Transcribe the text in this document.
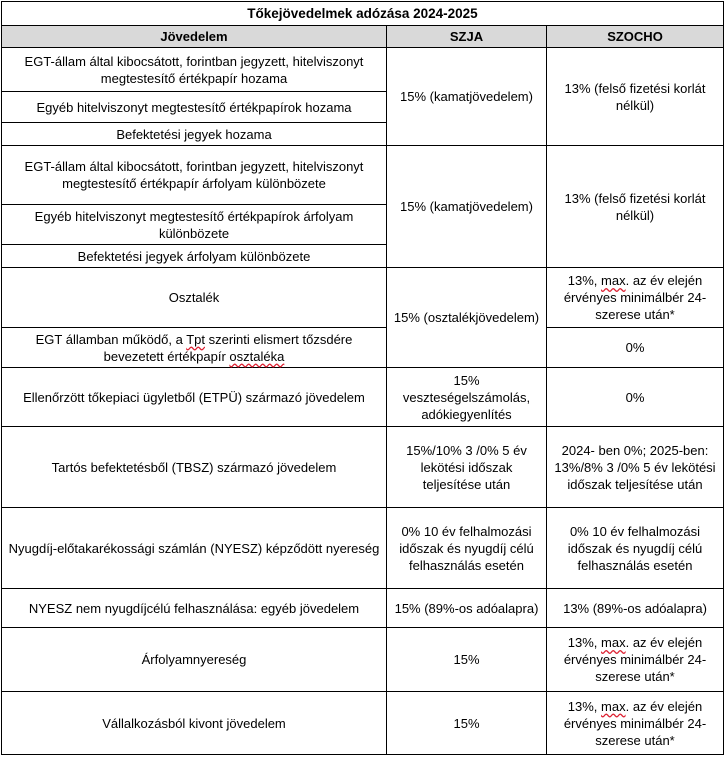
Tőkejövedelmek adózása 2024-2025		
Jövedelem	SZJA	SZOCHO
EGT-állam által kibocsátott, forintban jegyzett, hitelviszonyt megtestesítő értékpapír hozama	15% (kamatjövedelem)	13% (felső fizetési korlát nélkül)
Egyéb hitelviszonyt megtestesítő értékpapírok hozama		
Befektetési jegyek hozama		
EGT-állam által kibocsátott, forintban jegyzett, hitelviszonyt megtestesítő értékpapír árfolyam különbözete	15% (kamatjövedelem)	13% (felső fizetési korlát nélkül)
Egyéb hitelviszonyt megtestesítő értékpapírok árfolyam különbözete		
Befektetési jegyek árfolyam különbözete		
Osztalék	15% (osztalékjövedelem)	13%, max. az év elején érvényes minimálbér 24-szerese után*
EGT államban működő, a Tpt szerinti elismert tőzsdére bevezetett értékpapír osztaléka		0%
Ellenőrzött tőkepiaci ügyletből (ETPÜ) származó jövedelem	15% veszteségelszámolás, adókiegyenlítés	0%
Tartós befektetésből (TBSZ) származó jövedelem	15%/10% 3 /0% 5 év lekötési időszak teljesítése után	2024- ben 0%; 2025-ben: 13%/8% 3 /0% 5 év lekötési időszak teljesítése után
Nyugdíj-előtakarékossági számlán (NYESZ) képződött nyereség	0% 10 év felhalmozási időszak és nyugdíj célú felhasználás esetén	0% 10 év felhalmozási időszak és nyugdíj célú felhasználás esetén
NYESZ nem nyugdíjcélú felhasználása: egyéb jövedelem	15% (89%-os adóalapra)	13% (89%-os adóalapra)
Árfolyamnyereség	15%	13%, max. az év elején érvényes minimálbér 24-szerese után*
Vállalkozásból kivont jövedelem	15%	13%, max. az év elején érvényes minimálbér 24-szerese után*
